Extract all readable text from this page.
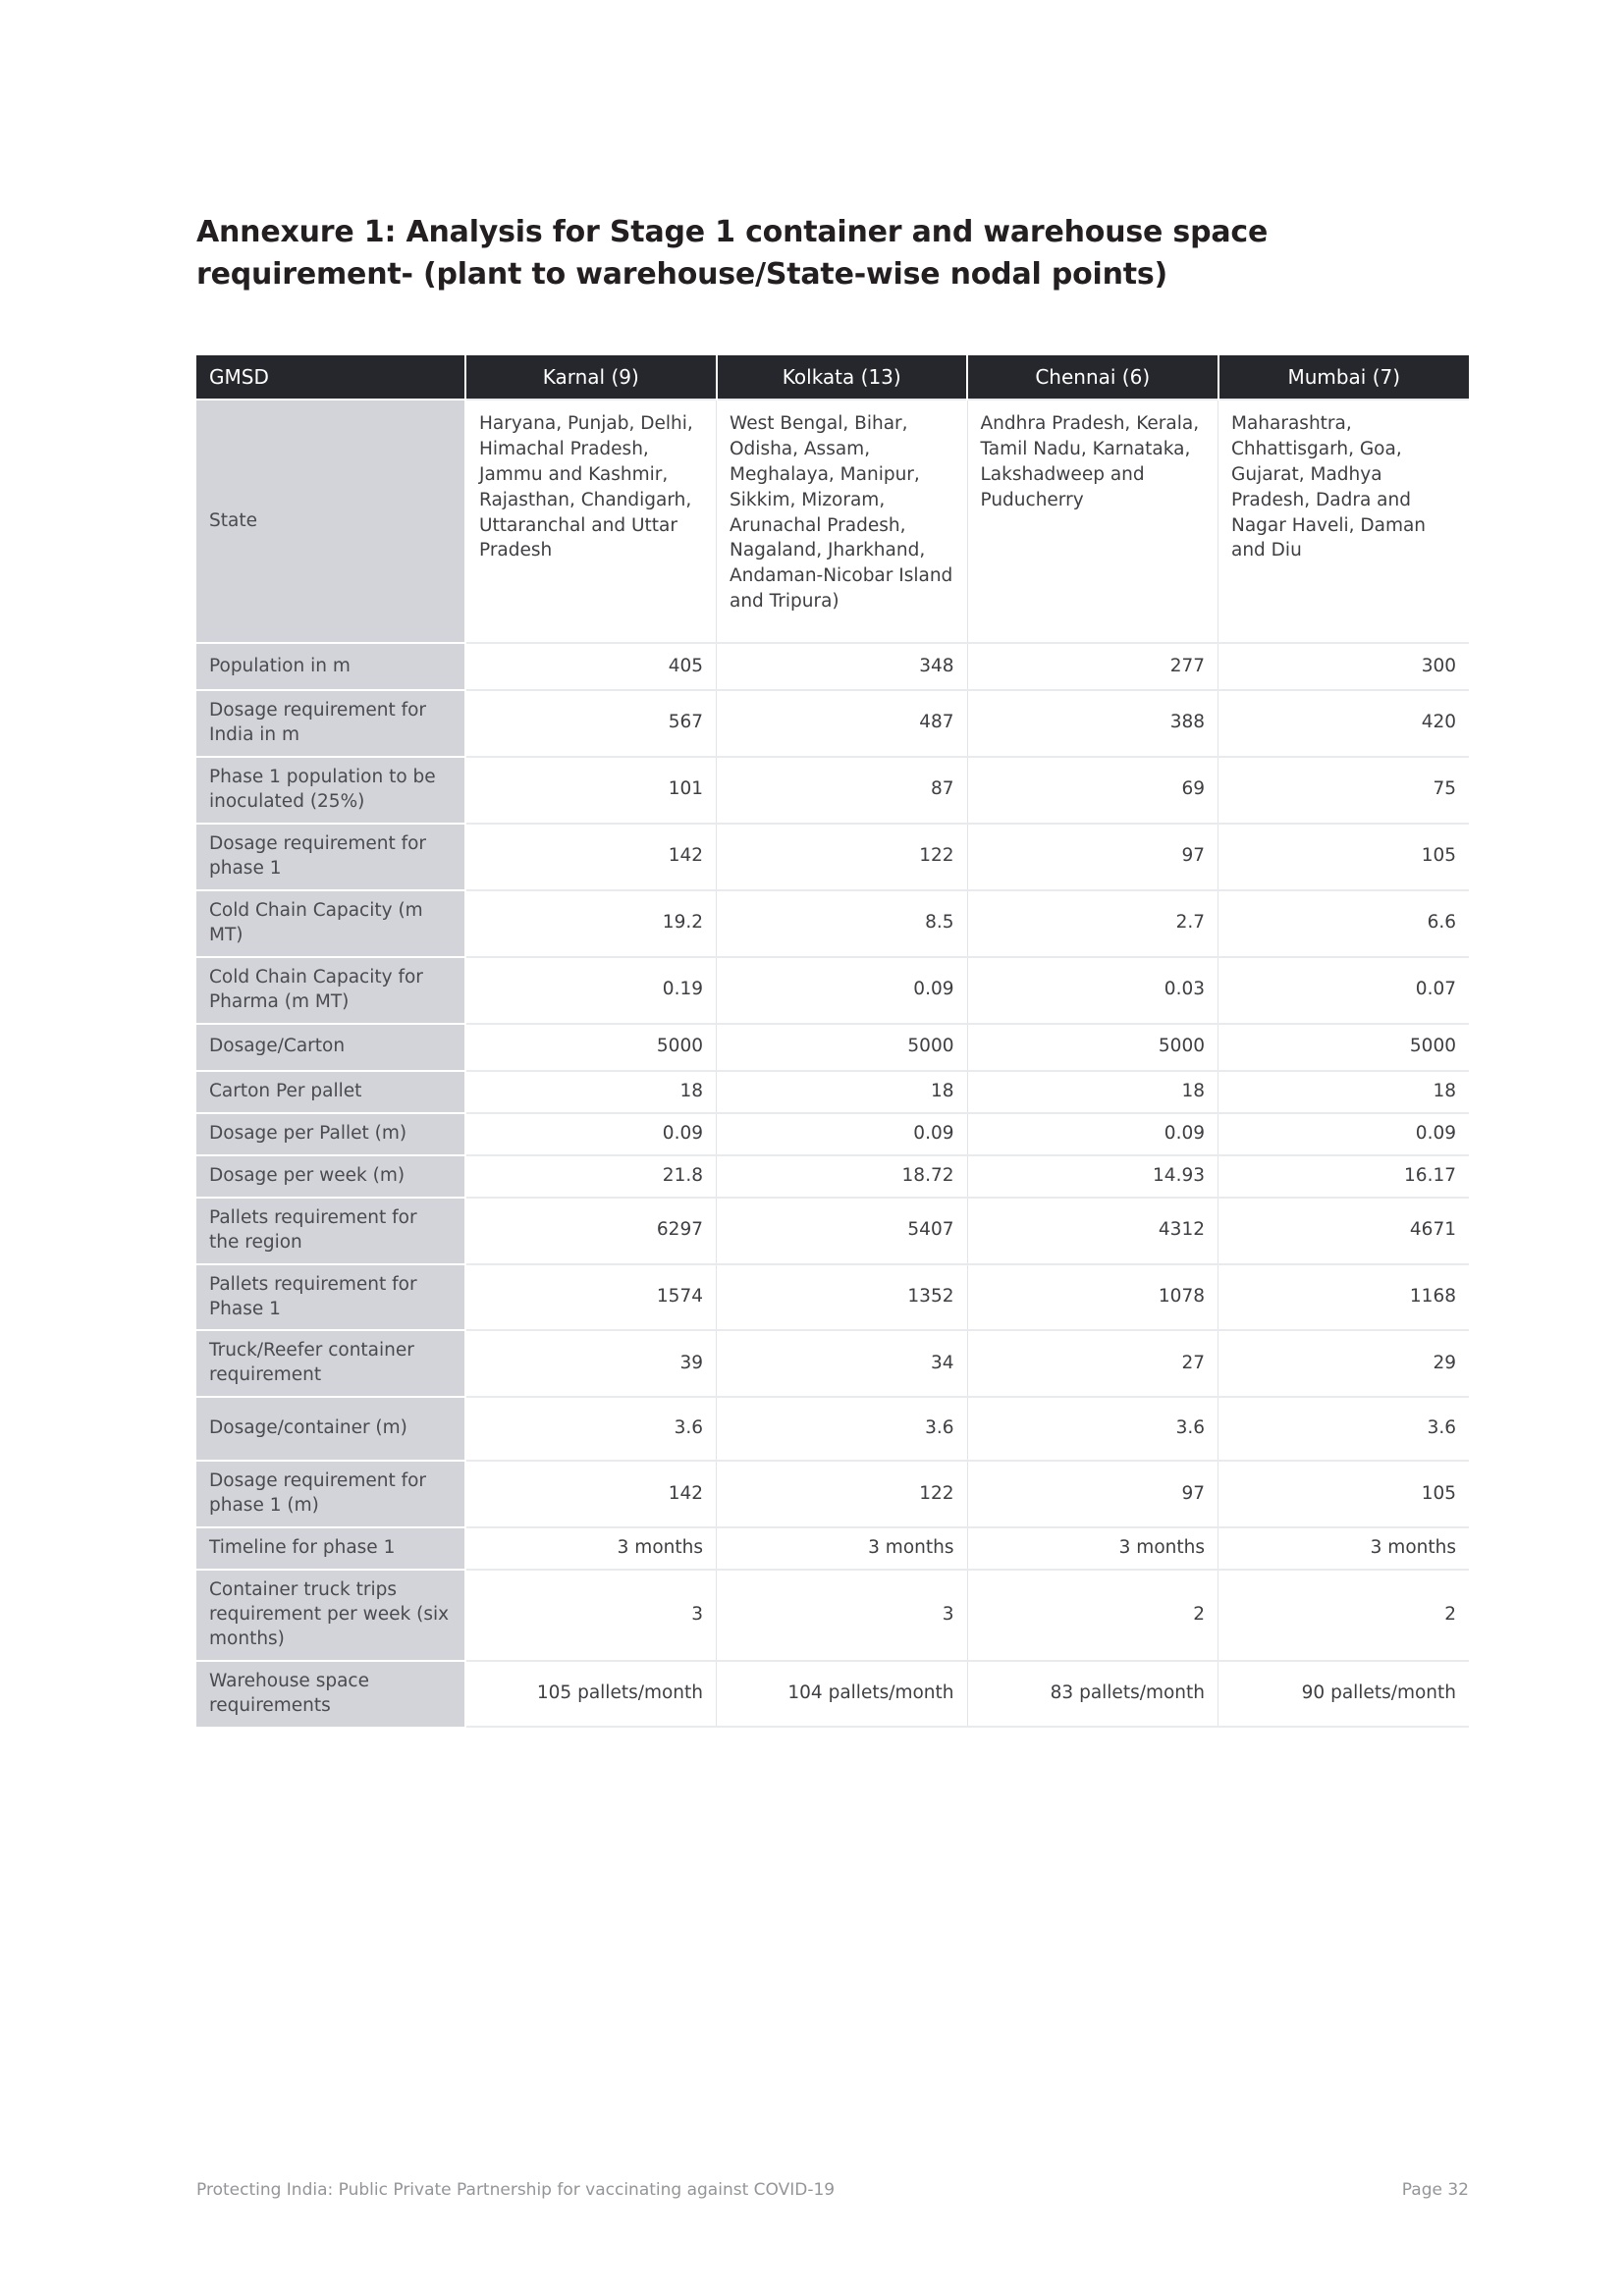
Annexure 1: Analysis for Stage 1 container and warehouse space requirement- (plant to warehouse/State-wise nodal points)
GMSD	Karnal (9)	Kolkata (13)	Chennai (6)	Mumbai (7)
State	Haryana, Punjab, Delhi, Himachal Pradesh, Jammu and Kashmir, Rajasthan, Chandigarh, Uttaranchal and Uttar Pradesh	West Bengal, Bihar, Odisha, Assam, Meghalaya, Manipur, Sikkim, Mizoram, Arunachal Pradesh, Nagaland, Jharkhand, Andaman-Nicobar Island and Tripura)	Andhra Pradesh, Kerala, Tamil Nadu, Karnataka, Lakshadweep and Puducherry	Maharashtra, Chhattisgarh, Goa, Gujarat, Madhya Pradesh, Dadra and Nagar Haveli, Daman and Diu
Population in m	405	348	277	300
Dosage requirement for India in m	567	487	388	420
Phase 1 population to be inoculated (25%)	101	87	69	75
Dosage requirement for phase 1	142	122	97	105
Cold Chain Capacity (m MT)	19.2	8.5	2.7	6.6
Cold Chain Capacity for Pharma (m MT)	0.19	0.09	0.03	0.07
Dosage/Carton	5000	5000	5000	5000
Carton Per pallet	18	18	18	18
Dosage per Pallet (m)	0.09	0.09	0.09	0.09
Dosage per week (m)	21.8	18.72	14.93	16.17
Pallets requirement for the region	6297	5407	4312	4671
Pallets requirement for Phase 1	1574	1352	1078	1168
Truck/Reefer container requirement	39	34	27	29
Dosage/container (m)	3.6	3.6	3.6	3.6
Dosage requirement for phase 1 (m)	142	122	97	105
Timeline for phase 1	3 months	3 months	3 months	3 months
Container truck trips requirement per week (six months)	3	3	2	2
Warehouse space requirements	105 pallets/month	104 pallets/month	83 pallets/month	90 pallets/month
Protecting India: Public Private Partnership for vaccinating against COVID-19	Page 32
